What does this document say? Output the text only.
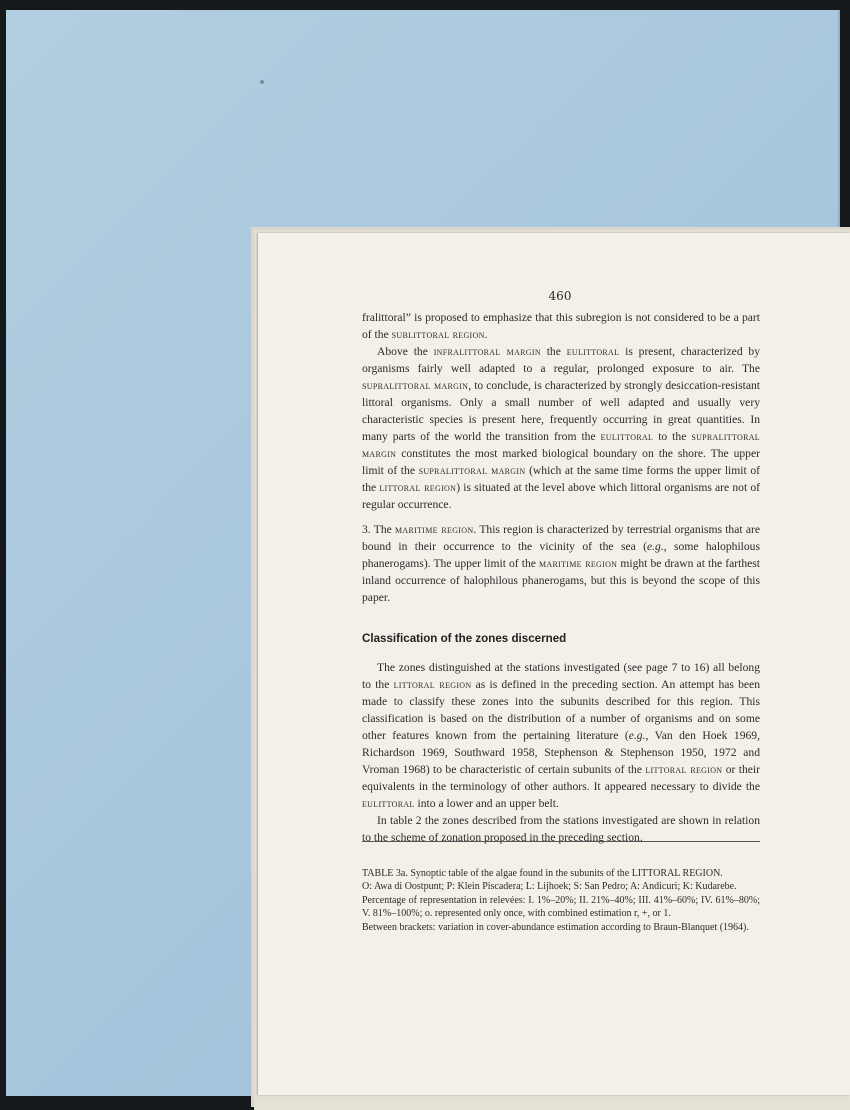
460

fralittoral” is proposed to emphasize that this subregion is not considered to be a part of the sublittoral region.

Above the infralittoral margin the eulittoral is present, characterized by organisms fairly well adapted to a regular, prolonged exposure to air. The supralittoral margin, to conclude, is characterized by strongly desiccation-resistant littoral organisms. Only a small number of well adapted and usually very characteristic species is present here, frequently occurring in great quantities. In many parts of the world the transition from the eulittoral to the supralittoral margin constitutes the most marked biological boundary on the shore. The upper limit of the supralittoral margin (which at the same time forms the upper limit of the littoral region) is situated at the level above which littoral organisms are not of regular occurrence.

3. The maritime region. This region is characterized by terrestrial organisms that are bound in their occurrence to the vicinity of the sea (e.g., some halophilous phanerogams). The upper limit of the maritime region might be drawn at the farthest inland occurrence of halophilous phanerogams, but this is beyond the scope of this paper.

Classification of the zones discerned

The zones distinguished at the stations investigated (see page 7 to 16) all belong to the littoral region as is defined in the preceding section. An attempt has been made to classify these zones into the subunits described for this region. This classification is based on the distribution of a number of organisms and on some other features known from the pertaining literature (e.g., Van den Hoek 1969, Richardson 1969, Southward 1958, Stephenson & Stephenson 1950, 1972 and Vroman 1968) to be characteristic of certain subunits of the littoral region or their equivalents in the terminology of other authors. It appeared necessary to divide the eulittoral into a lower and an upper belt.

In table 2 the zones described from the stations investigated are shown in relation to the scheme of zonation proposed in the preceding section.

TABLE 3a. Synoptic table of the algae found in the subunits of the LITTORAL REGION.

O: Awa di Oostpunt; P: Klein Piscadera; L: Lijhoek; S: San Pedro; A: Andicuri; K: Kudarebe.

Percentage of representation in relevées: I. 1%–20%; II. 21%–40%; III. 41%–60%; IV. 61%–80%; V. 81%–100%; o. represented only once, with combined estimation r, +, or 1.

Between brackets: variation in cover-abundance estimation according to Braun-Blanquet (1964).
